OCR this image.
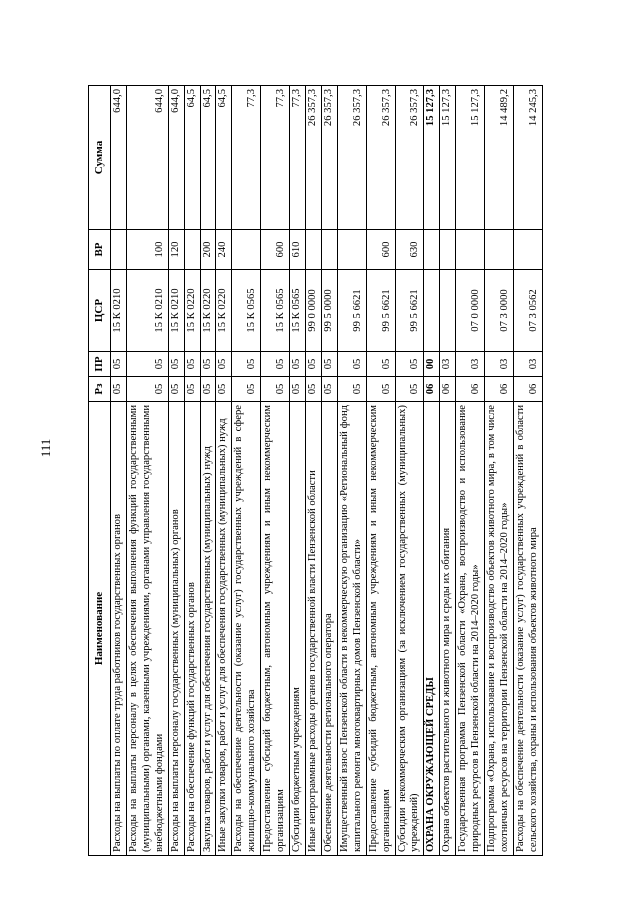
111
Наименование	Рз	ПР	ЦСР	ВР	Сумма
Расходы на выплаты по оплате труда работников государственных органов	05	05	15 К 0210		644,0
Расходы на выплаты персоналу в целях обеспечения выполнения функций государственными (муниципальными) органами, казенными учреждениями, органами управления государственными внебюджетными фондами	05	05	15 К 0210	100	644,0
Расходы на выплаты персоналу государственных (муниципальных) органов	05	05	15 К 0210	120	644,0
Расходы на обеспечение функций государственных органов	05	05	15 К 0220		64,5
Закупка товаров, работ и услуг для обеспечения государственных (муниципальных) нужд	05	05	15 К 0220	200	64,5
Иные закупки товаров, работ и услуг для обеспечения государственных (муниципальных) нужд	05	05	15 К 0220	240	64,5
Расходы на обеспечение деятельности (оказание услуг) государственных учреждений в сфере жилищно-коммунального хозяйства	05	05	15 К 0565		77,3
Предоставление субсидий бюджетным, автономным учреждениям и иным некоммерческим организациям	05	05	15 К 0565	600	77,3
Субсидии бюджетным учреждениям	05	05	15 К 0565	610	77,3
Иные непрограммные расходы органов государственной власти Пензенской области	05	05	99 0 0000		26 357,3
Обеспечение деятельности регионального оператора	05	05	99 5 0000		26 357,3
Имущественный взнос Пензенской области в некоммерческую организацию «Региональный фонд капитального ремонта многоквартирных домов Пензенской области»	05	05	99 5 6621		26 357,3
Предоставление субсидий бюджетным, автономным учреждениям и иным некоммерческим организациям	05	05	99 5 6621	600	26 357,3
Субсидии некоммерческим организациям (за исключением государственных (муниципальных) учреждений)	05	05	99 5 6621	630	26 357,3
ОХРАНА ОКРУЖАЮЩЕЙ СРЕДЫ	06	00			15 127,3
Охрана объектов растительного и животного мира и среды их обитания	06	03			15 127,3
Государственная программа Пензенской области «Охрана, воспроизводство и использование природных ресурсов в Пензенской области на 2014–2020 годы»	06	03	07 0 0000		15 127,3
Подпрограмма «Охрана, использование и воспроизводство объектов животного мира, в том числе охотничьих ресурсов на территории Пензенской области на 2014–2020 годы»	06	03	07 3 0000		14 489,2
Расходы на обеспечение деятельности (оказание услуг) государственных учреждений в области сельского хозяйства, охраны и использования объектов животного мира	06	03	07 3 0562		14 245,3
